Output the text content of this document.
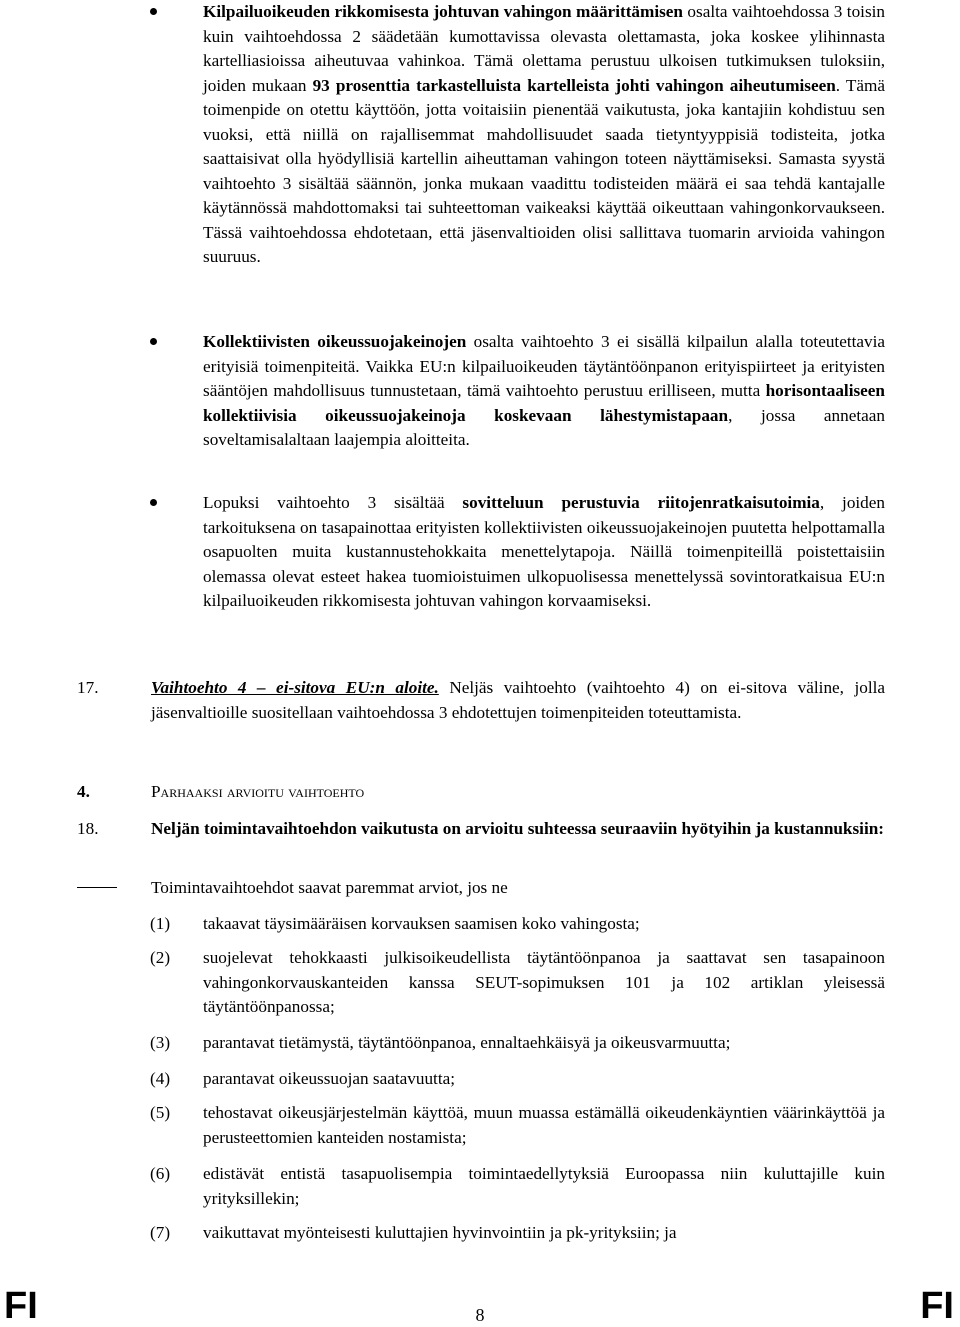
Kilpailuoikeuden rikkomisesta johtuvan vahingon määrittämisen osalta vaihtoehdossa 3 toisin kuin vaihtoehdossa 2 säädetään kumottavissa olevasta olettamasta, joka koskee ylihinnasta kartelliasioissa aiheutuvaa vahinkoa. Tämä olettama perustuu ulkoisen tutkimuksen tuloksiin, joiden mukaan 93 prosenttia tarkastelluista kartelleista johti vahingon aiheutumiseen. Tämä toimenpide on otettu käyttöön, jotta voitaisiin pienentää vaikutusta, joka kantajiin kohdistuu sen vuoksi, että niillä on rajallisemmat mahdollisuudet saada tietyntyyppisiä todisteita, jotka saattaisivat olla hyödyllisiä kartellin aiheuttaman vahingon toteen näyttämiseksi. Samasta syystä vaihtoehto 3 sisältää säännön, jonka mukaan vaadittu todisteiden määrä ei saa tehdä kantajalle käytännössä mahdottomaksi tai suhteettoman vaikeaksi käyttää oikeuttaan vahingonkorvaukseen. Tässä vaihtoehdossa ehdotetaan, että jäsenvaltioiden olisi sallittava tuomarin arvioida vahingon suuruus.
Kollektiivisten oikeussuojakeinojen osalta vaihtoehto 3 ei sisällä kilpailun alalla toteutettavia erityisiä toimenpiteitä. Vaikka EU:n kilpailuoikeuden täytäntöönpanon erityispiirteet ja erityisten sääntöjen mahdollisuus tunnustetaan, tämä vaihtoehto perustuu erilliseen, mutta horisontaaliseen kollektiivisia oikeussuojakeinoja koskevaan lähestymistapaan, jossa annetaan soveltamisalaltaan laajempia aloitteita.
Lopuksi vaihtoehto 3 sisältää sovitteluun perustuvia riitojenratkaisutoimia, joiden tarkoituksena on tasapainottaa erityisten kollektiivisten oikeussuojakeinojen puutetta helpottamalla osapuolten muita kustannustehokkaita menettelytapoja. Näillä toimenpiteillä poistettaisiin olemassa olevat esteet hakea tuomioistuimen ulkopuolisessa menettelyssä sovintoratkaisua EU:n kilpailuoikeuden rikkomisesta johtuvan vahingon korvaamiseksi.
17.	Vaihtoehto 4 – ei-sitova EU:n aloite. Neljäs vaihtoehto (vaihtoehto 4) on ei-sitova väline, jolla jäsenvaltioille suositellaan vaihtoehdossa 3 ehdotettujen toimenpiteiden toteuttamista.
4.	Parhaaksi arvioitu vaihtoehto
18.	Neljän toimintavaihtoehdon vaikutusta on arvioitu suhteessa seuraaviin hyötyihin ja kustannuksiin:
Toimintavaihtoehdot saavat paremmat arviot, jos ne
(1) takaavat täysimääräisen korvauksen saamisen koko vahingosta;
(2) suojelevat tehokkaasti julkisoikeudellista täytäntöönpanoa ja saattavat sen tasapainoon vahingonkorvauskanteiden kanssa SEUT-sopimuksen 101 ja 102 artiklan yleisessä täytäntöönpanossa;
(3) parantavat tietämystä, täytäntöönpanoa, ennaltaehkäisyä ja oikeusvarmuutta;
(4) parantavat oikeussuojan saatavuutta;
(5) tehostavat oikeusjärjestelmän käyttöä, muun muassa estämällä oikeudenkäyntien väärinkäyttöä ja perusteettomien kanteiden nostamista;
(6) edistävät entistä tasapuolisempia toimintaedellytyksiä Euroopassa niin kuluttajille kuin yrityksillekin;
(7) vaikuttavat myönteisesti kuluttajien hyvinvointiin ja pk-yrityksiin; ja
FI	8	FI
